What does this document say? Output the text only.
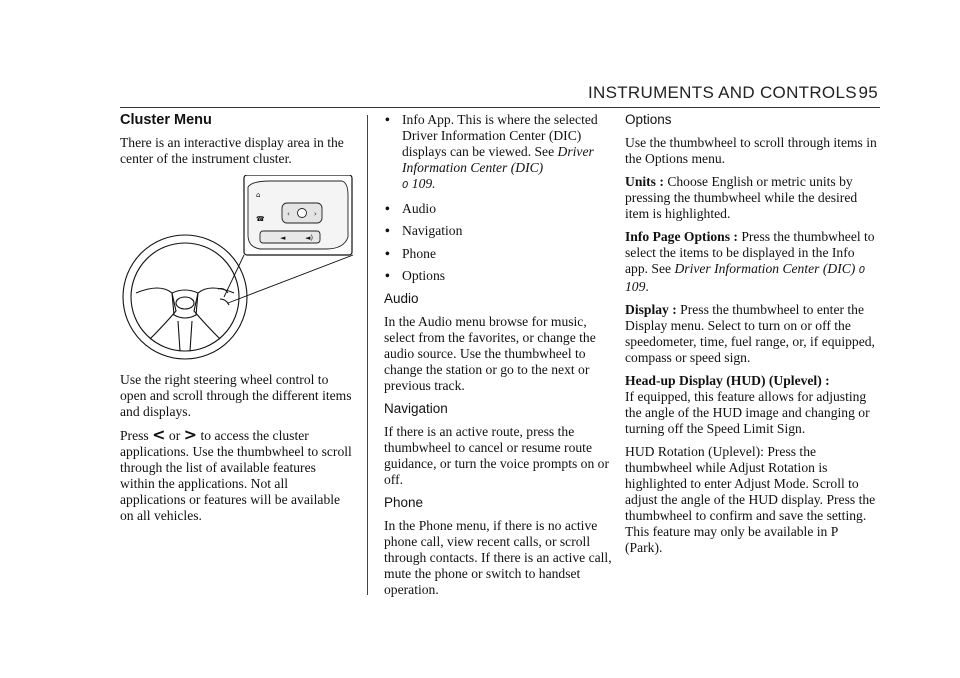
INSTRUMENTS AND CONTROLS 95
Cluster Menu

There is an interactive display area in the center of the instrument cluster.

‹	›
⌂
☎
◄	◄)

Use the right steering wheel control to open and scroll through the different items and displays.

Press < or > to access the cluster applications. Use the thumbwheel to scroll through the list of available features within the applications. Not all applications or features will be available on all vehicles.

• Info App. This is where the selected Driver Information Center (DIC) displays can be viewed. See Driver Information Center (DIC)
0 109.
• Audio
• Navigation
• Phone
• Options
Audio

In the Audio menu browse for music, select from the favorites, or change the audio source. Use the thumbwheel to change the station or go to the next or previous track.

Navigation

If there is an active route, press the thumbwheel to cancel or resume route guidance, or turn the voice prompts on or off.

Phone

In the Phone menu, if there is no active phone call, view recent calls, or scroll through contacts. If there is an active call, mute the phone or switch to handset operation.

Options

Use the thumbwheel to scroll through items in the Options menu.

Units : Choose English or metric units by pressing the thumbwheel while the desired item is highlighted.

Info Page Options : Press the thumbwheel to select the items to be displayed in the Info app. See Driver Information Center (DIC) 0 109.

Display : Press the thumbwheel to enter the Display menu. Select to turn on or off the speedometer, time, fuel range, or, if equipped, compass or speed sign.

Head-up Display (HUD) (Uplevel) :
If equipped, this feature allows for adjusting the angle of the HUD image and changing or turning off the Speed Limit Sign.

HUD Rotation (Uplevel): Press the thumbwheel while Adjust Rotation is highlighted to enter Adjust Mode. Scroll to adjust the angle of the HUD display. Press the thumbwheel to confirm and save the setting. This feature may only be available in P (Park).
